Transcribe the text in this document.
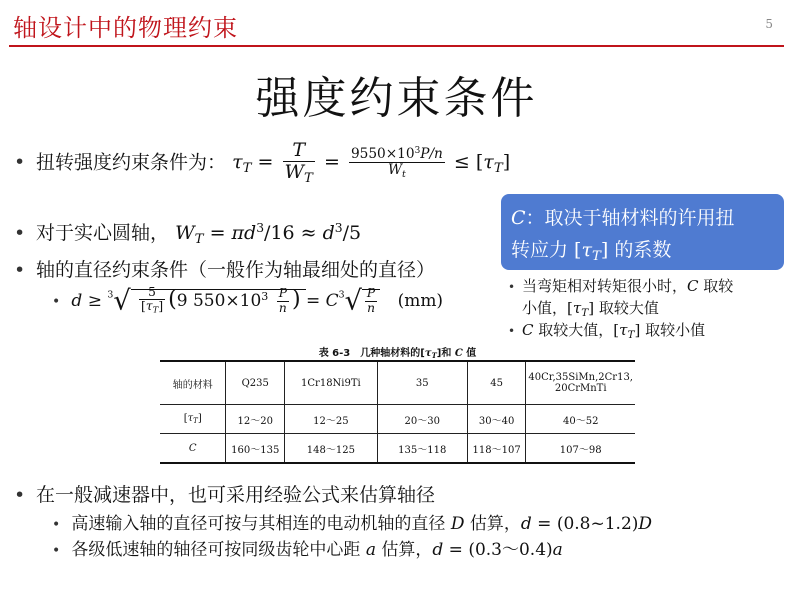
轴设计中的物理约束	5
强度约束条件
• 扭转强度约束条件为： $\tau_T = \frac{T}{W_T} = \frac{9550\times 10^3P/n}{W_t} \le [\tau_T]$
• 对于实心圆轴， $W_T = \pi d^3/16 \approx d^3/5$
• 轴的直径约束条件（一般作为轴最细处的直径）
• $d \ge ^3√ \frac{5}{[\tau_T]} (9$ $550\times 10^3 \frac{P}{n}$ ) = $C^3√ \frac{P}{n} (mm)$
C：取决于轴材料的许用扭
转应力 $[\tau_T]$ 的系数
• 当弯矩相对转矩很小时，C 取较
小值，$[\tau_T]$ 取较大值
• C 取较大值，$[\tau_T]$ 取较小值
表 6-3　几种轴材料的$[\tau_T]$和 C 值
轴的材料	Q235	1Cr18Ni9Ti	35	45	40Cr,35SiMn,2Cr13,
20CrMnTi

$[\tau_T]$	12～20	12～25	20～30	30～40	40～52
C	160～135	148～125	135～118	118～107	107～98
• 在一般减速器中，也可采用经验公式来估算轴径
• 高速输入轴的直径可按与其相连的电动机轴的直径 D 估算，d = (0.8~1.2)D
• 各级低速轴的轴径可按同级齿轮中心距 a 估算，d = (0.3～0.4)a
